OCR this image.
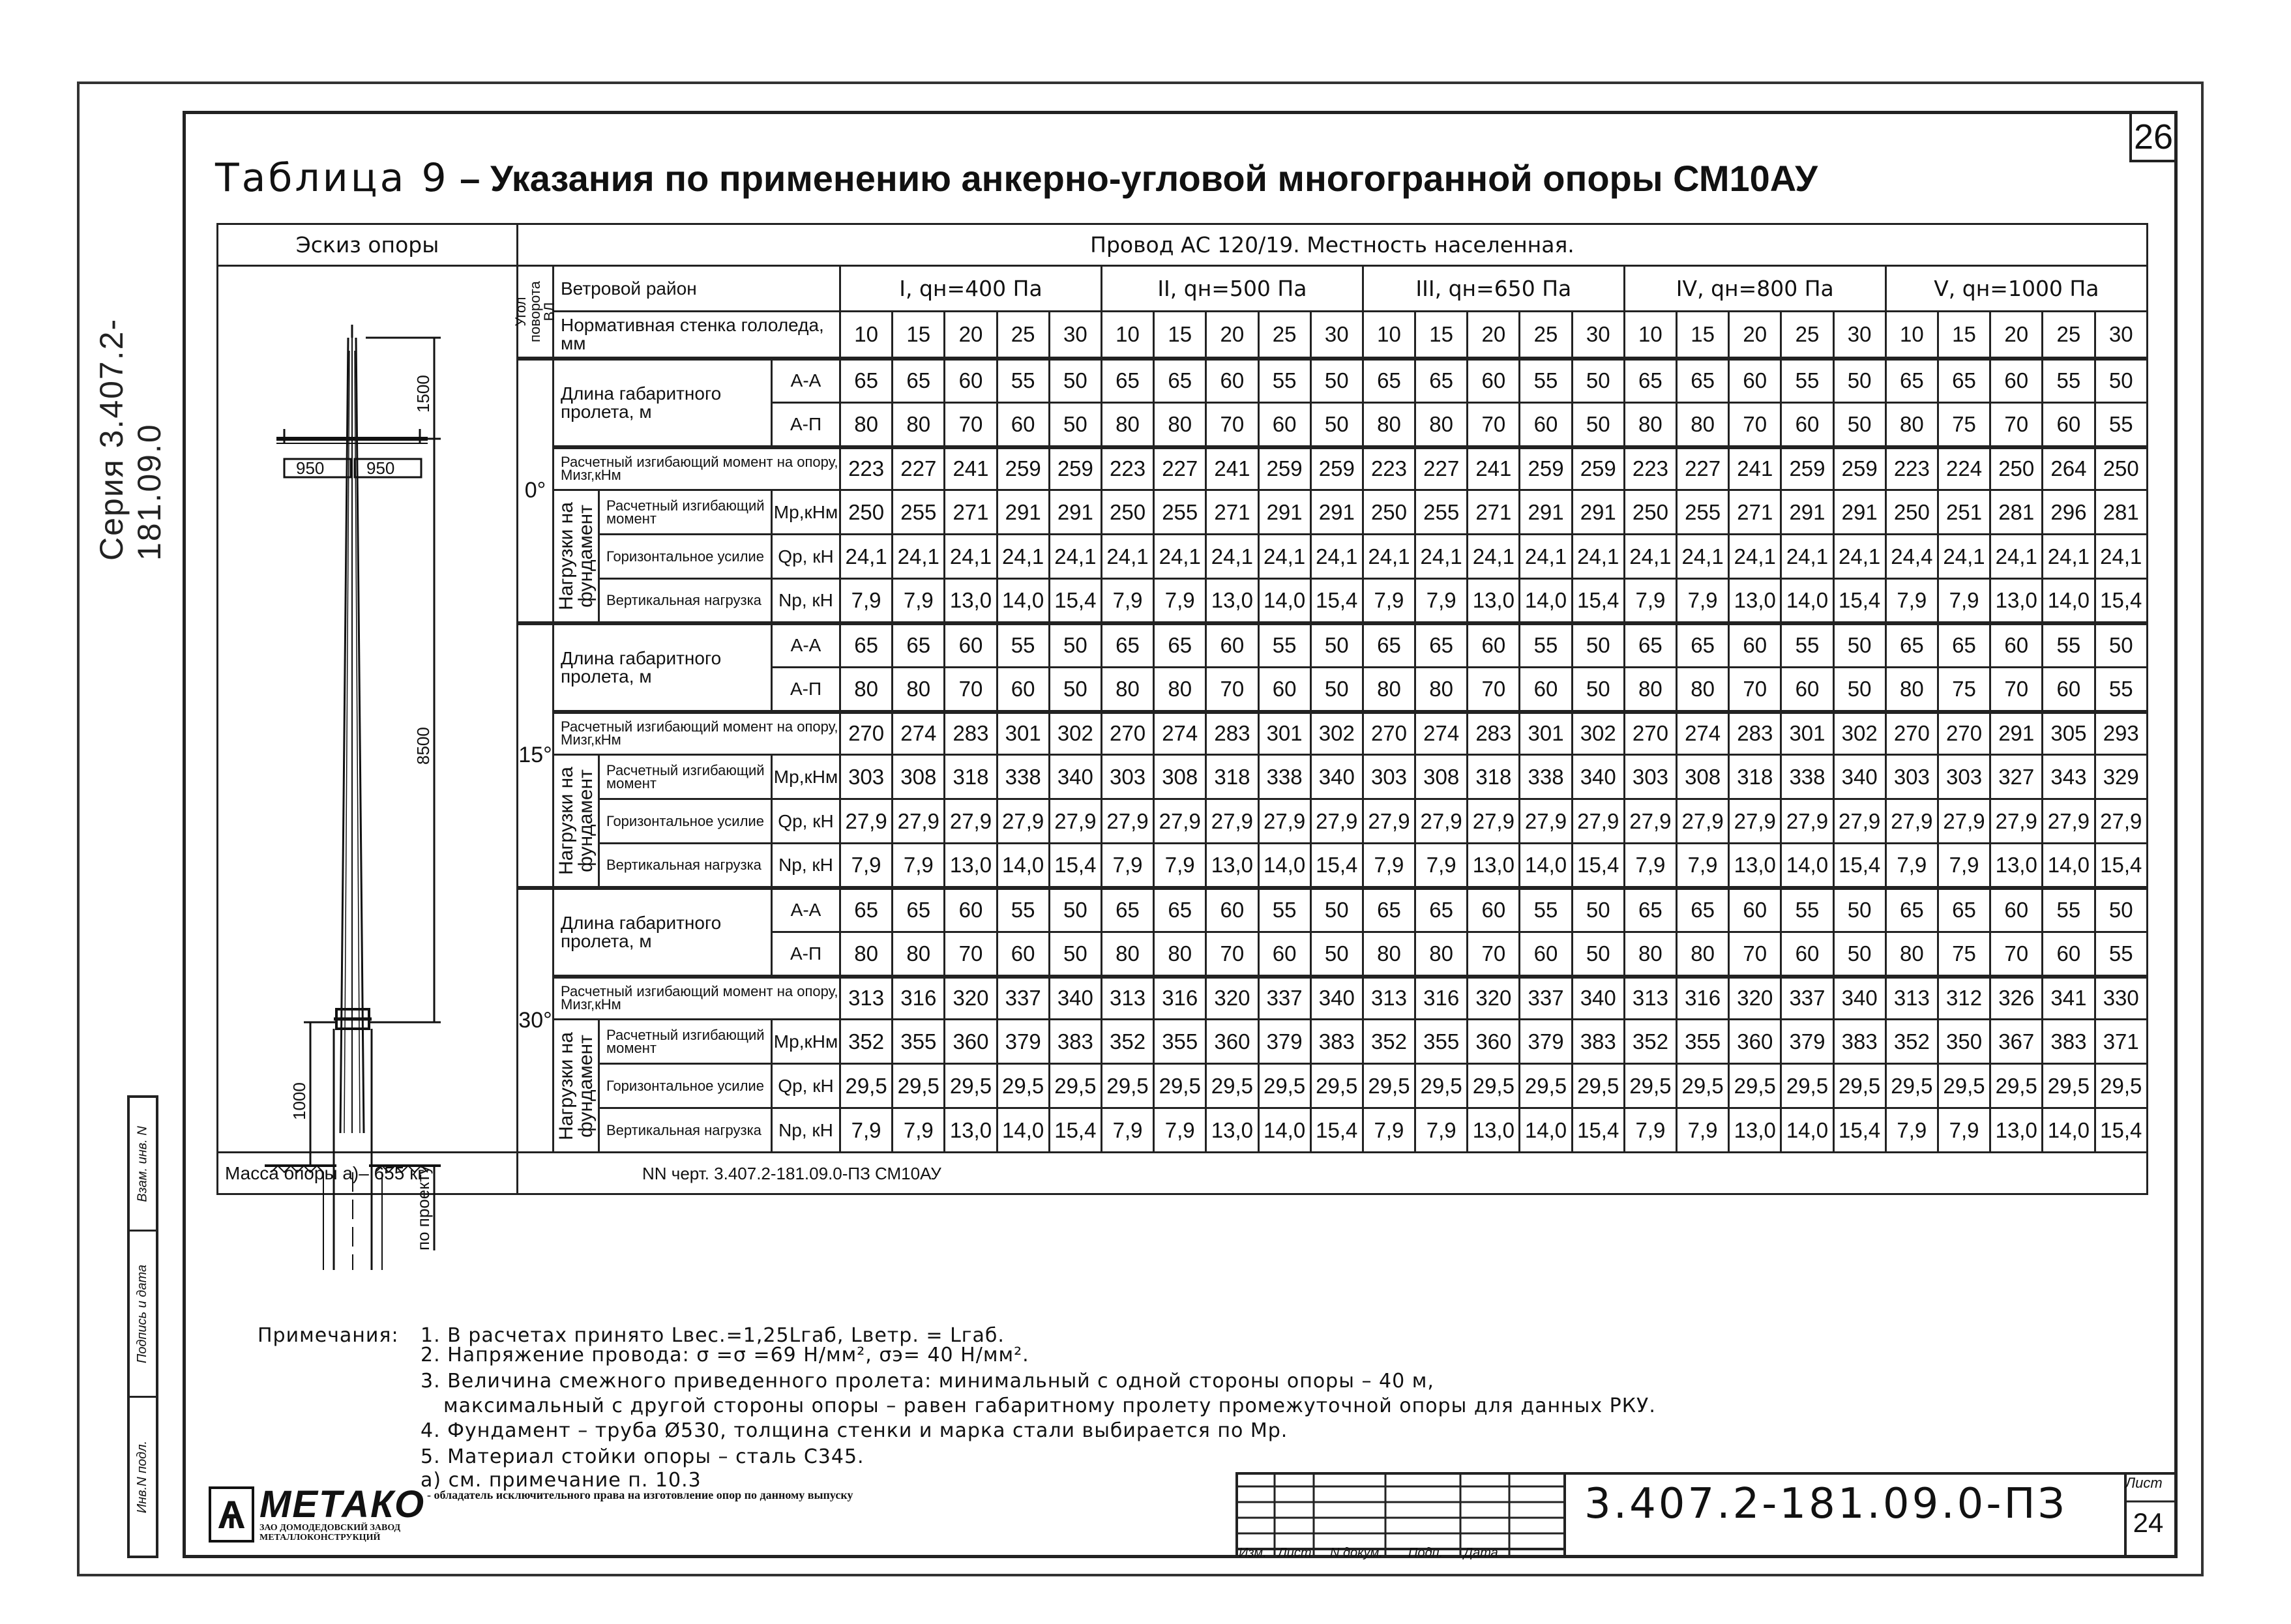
26
Серия 3.407.2-181.09.0
Взам. инв. N
Подпись и дата
Инв.N подл.
Таблица 9 – Указания по применению анкерно-угловой многогранной опоры СМ10АУ
Эскиз опоры	Провод АС 120/19. Местность населенная.																												

	Угол поворота ВЛ	Ветровой район			I, qн=400 Па					II, qн=500 Па					III, qн=650 Па					IV, qн=800 Па					V, qн=1000 Па				
		Нормативная стенка гололеда, мм			10	15	20	25	30	10	15	20	25	30	10	15	20	25	30	10	15	20	25	30	10	15	20	25	30
	0°	Длина габаритного пролета, м		А-А	65	65	60	55	50	65	65	60	55	50	65	65	60	55	50	65	65	60	55	50	65	65	60	55	50
				А-П	80	80	70	60	50	80	80	70	60	50	80	80	70	60	50	80	80	70	60	50	80	75	70	60	55
		Расчетный изгибающий момент на опору, Мизг,кНм			223	227	241	259	259	223	227	241	259	259	223	227	241	259	259	223	227	241	259	259	223	224	250	264	250

		Нагрузки на фундамент	Расчетный изгибающий момент	Мр,кНм	250	255	271	291	291	250	255	271	291	291	250	255	271	291	291	250	255	271	291	291	250	251	281	296	281
			Горизонтальное усилие	Qр, кН	24,1	24,1	24,1	24,1	24,1	24,1	24,1	24,1	24,1	24,1	24,1	24,1	24,1	24,1	24,1	24,1	24,1	24,1	24,1	24,1	24,4	24,1	24,1	24,1	24,1
			Вертикальная нагрузка	Nр, кН	7,9	7,9	13,0	14,0	15,4	7,9	7,9	13,0	14,0	15,4	7,9	7,9	13,0	14,0	15,4	7,9	7,9	13,0	14,0	15,4	7,9	7,9	13,0	14,0	15,4
	15°	Длина габаритного пролета, м		А-А	65	65	60	55	50	65	65	60	55	50	65	65	60	55	50	65	65	60	55	50	65	65	60	55	50
				А-П	80	80	70	60	50	80	80	70	60	50	80	80	70	60	50	80	80	70	60	50	80	75	70	60	55
		Расчетный изгибающий момент на опору, Мизг,кНм			270	274	283	301	302	270	274	283	301	302	270	274	283	301	302	270	274	283	301	302	270	270	291	305	293

		Нагрузки на фундамент	Расчетный изгибающий момент	Мр,кНм	303	308	318	338	340	303	308	318	338	340	303	308	318	338	340	303	308	318	338	340	303	303	327	343	329
			Горизонтальное усилие	Qр, кН	27,9	27,9	27,9	27,9	27,9	27,9	27,9	27,9	27,9	27,9	27,9	27,9	27,9	27,9	27,9	27,9	27,9	27,9	27,9	27,9	27,9	27,9	27,9	27,9	27,9
			Вертикальная нагрузка	Nр, кН	7,9	7,9	13,0	14,0	15,4	7,9	7,9	13,0	14,0	15,4	7,9	7,9	13,0	14,0	15,4	7,9	7,9	13,0	14,0	15,4	7,9	7,9	13,0	14,0	15,4
	30°	Длина габаритного пролета, м		А-А	65	65	60	55	50	65	65	60	55	50	65	65	60	55	50	65	65	60	55	50	65	65	60	55	50
				А-П	80	80	70	60	50	80	80	70	60	50	80	80	70	60	50	80	80	70	60	50	80	75	70	60	55
		Расчетный изгибающий момент на опору, Мизг,кНм			313	316	320	337	340	313	316	320	337	340	313	316	320	337	340	313	316	320	337	340	313	312	326	341	330

		Нагрузки на фундамент	Расчетный изгибающий момент	Мр,кНм	352	355	360	379	383	352	355	360	379	383	352	355	360	379	383	352	355	360	379	383	352	350	367	383	371
			Горизонтальное усилие	Qр, кН	29,5	29,5	29,5	29,5	29,5	29,5	29,5	29,5	29,5	29,5	29,5	29,5	29,5	29,5	29,5	29,5	29,5	29,5	29,5	29,5	29,5	29,5	29,5	29,5	29,5
			Вертикальная нагрузка	Nр, кН	7,9	7,9	13,0	14,0	15,4	7,9	7,9	13,0	14,0	15,4	7,9	7,9	13,0	14,0	15,4	7,9	7,9	13,0	14,0	15,4	7,9	7,9	13,0	14,0	15,4
Масса опоры а)– 655 кг	NN черт. 3.407.2-181.09.0-ПЗ СМ10АУ																												
950 950
1500
8500
1000
по проекту
Примечания: 1. В расчетах принято Lвес.=1,25Lгаб, Lветр. = Lгаб.
2. Напряжение провода: σ =σ =69 Н/мм², σэ= 40 Н/мм².
3. Величина смежного приведенного пролета: минимальный с одной стороны опоры – 40 м,
максимальный с другой стороны опоры – равен габаритному пролету промежуточной опоры для данных РКУ.
4. Фундамент – труба Ø530, толщина стенки и марка стали выбирается по Мр.
5. Материал стойки опоры – сталь С345.
а) см. примечание п. 10.3
Ѧ МЕТАКО
ЗАО ДОМОДЕДОВСКИЙ ЗАВОД
МЕТАЛЛОКОНСТРУКЦИЙ
- обладатель исключительного права на изготовление опор по данному выпуску
Изм. Лист N докум. Подп. Дата
3.407.2-181.09.0-ПЗ	Лист
24
